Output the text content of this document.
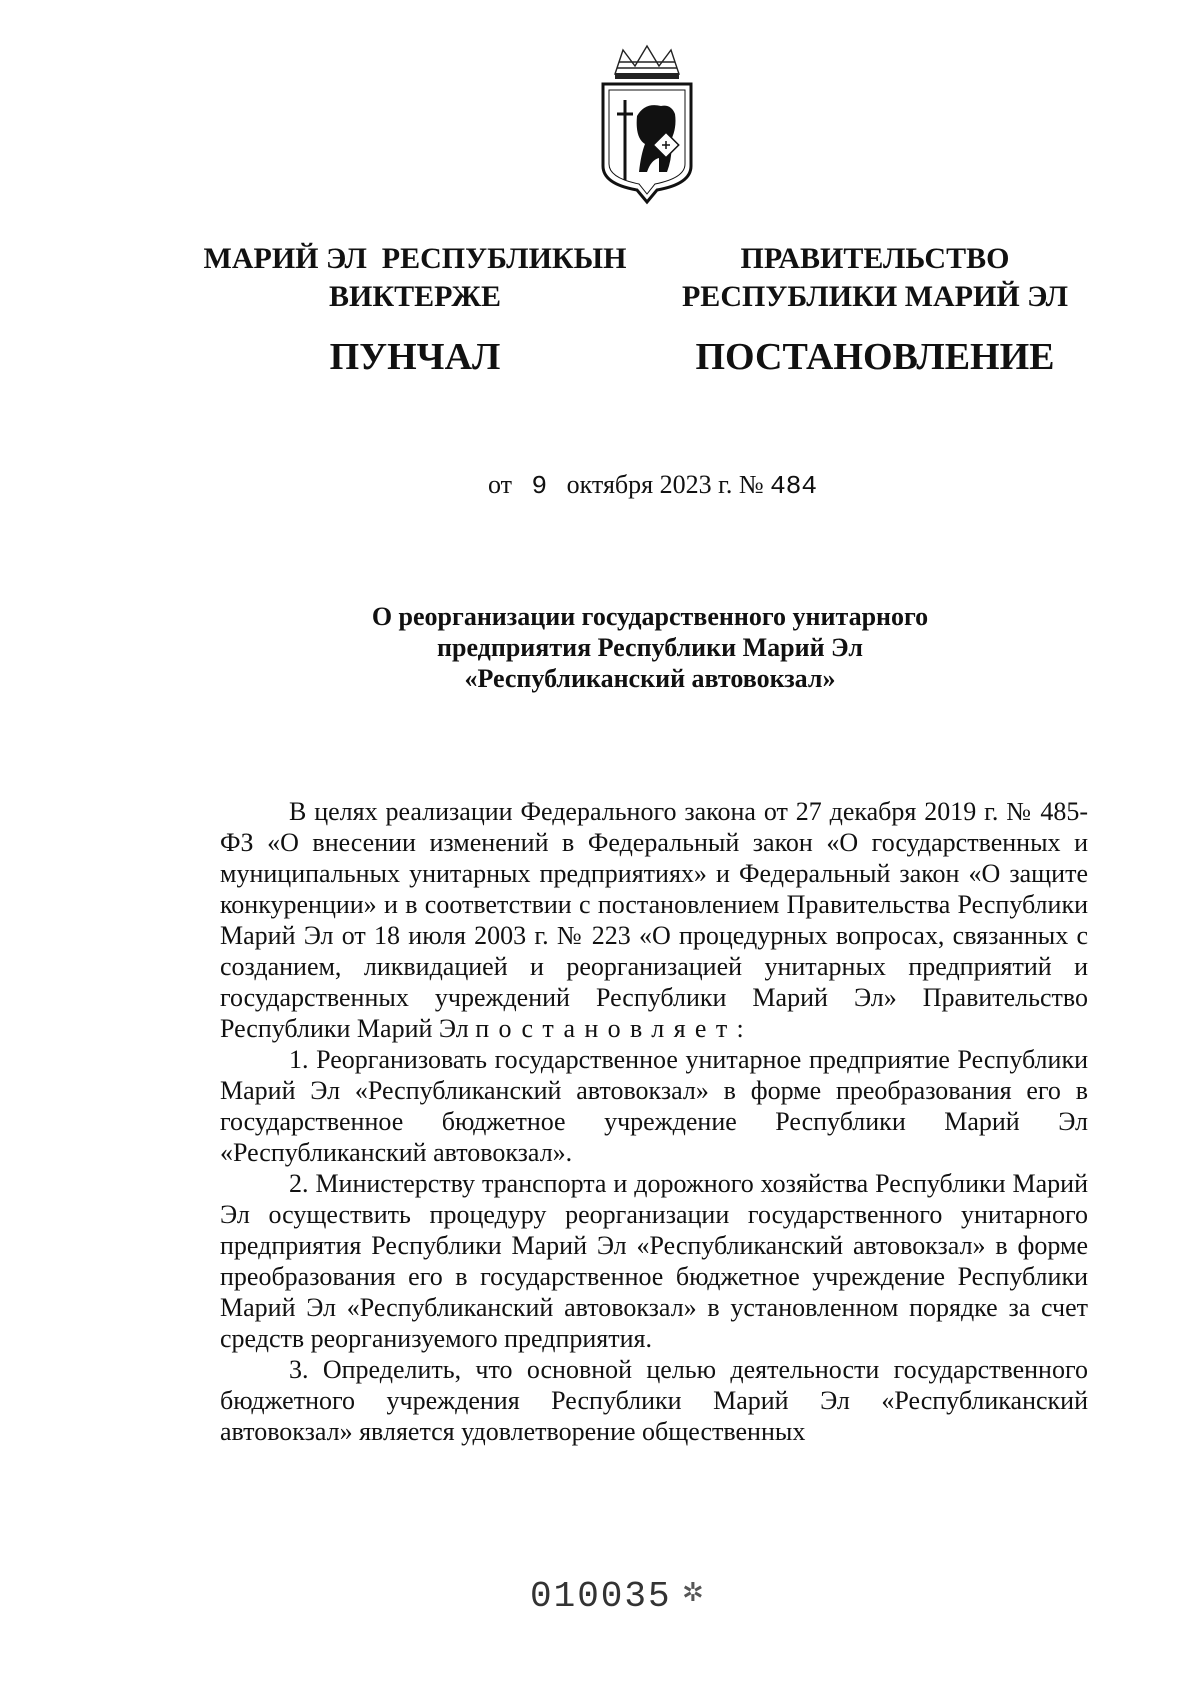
МАРИЙ ЭЛ  РЕСПУБЛИКЫН
ВИКТЕРЖЕ
ПУНЧАЛ
ПРАВИТЕЛЬСТВО
РЕСПУБЛИКИ МАРИЙ ЭЛ
ПОСТАНОВЛЕНИЕ
от 9 октября 2023 г. № 484
О реорганизации государственного унитарного
предприятия Республики Марий Эл
«Республиканский автовокзал»

В целях реализации Федерального закона от 27 декабря 2019 г. № 485-ФЗ «О внесении изменений в Федеральный закон «О государственных и муниципальных унитарных предприятиях» и Федеральный закон «О защите конкуренции» и в соответствии с постановлением Правительства Республики Марий Эл от 18 июля 2003 г. № 223 «О процедурных вопросах, связанных с созданием, ликвидацией и реорганизацией унитарных предприятий и государственных учреждений Республики Марий Эл» Правительство Республики Марий Эл постановляет:

1. Реорганизовать государственное унитарное предприятие Республики Марий Эл «Республиканский автовокзал» в форме преобразования его в государственное бюджетное учреждение Республики Марий Эл «Республиканский автовокзал».

2. Министерству транспорта и дорожного хозяйства Республики Марий Эл осуществить процедуру реорганизации государственного унитарного предприятия Республики Марий Эл «Республиканский автовокзал» в форме преобразования его в государственное бюджетное учреждение Республики Марий Эл «Республиканский автовокзал» в установленном порядке за счет средств реорганизуемого предприятия.

3. Определить, что основной целью деятельности государственного бюджетного учреждения Республики Марий Эл «Республиканский автовокзал» является удовлетворение общественных

010035 ✲
